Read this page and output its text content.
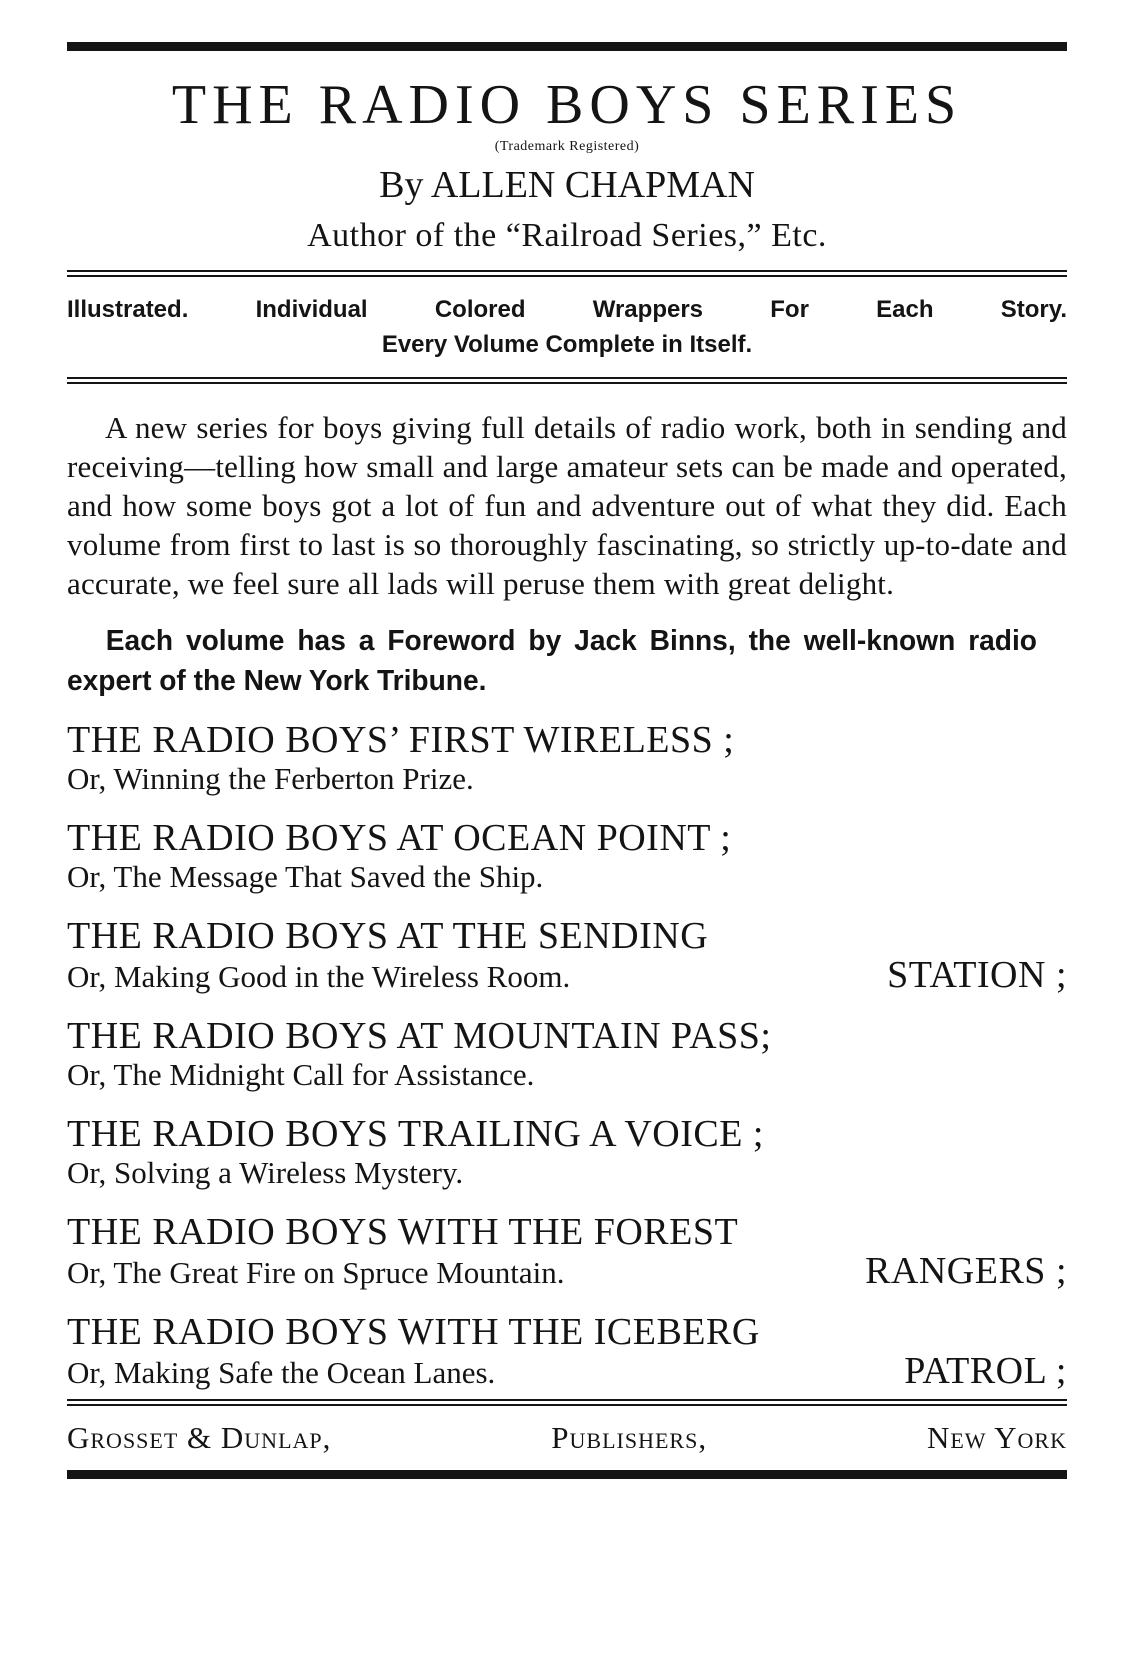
THE RADIO BOYS SERIES
(Trademark Registered)
By ALLEN CHAPMAN
Author of the “Railroad Series,” Etc.
Illustrated.	Individual	Colored	Wrappers	For	Each	Story.
Every Volume Complete in Itself.
A new series for boys giving full details of radio work, both in sending and receiving—telling how small and large amateur sets can be made and operated, and how some boys got a lot of fun and adventure out of what they did. Each volume from first to last is so thoroughly fascinating, so strictly up-to-date and accurate, we feel sure all lads will peruse them with great delight.
Each volume has a Foreword by Jack Binns, the well-known radio expert of the New York Tribune.
THE RADIO BOYS’ FIRST WIRELESS ;
Or, Winning the Ferberton Prize.
THE RADIO BOYS AT OCEAN POINT ;
Or, The Message That Saved the Ship.
THE RADIO BOYS AT THE SENDING
Or, Making Good in the Wireless Room.	STATION ;
THE RADIO BOYS AT MOUNTAIN PASS;
Or, The Midnight Call for Assistance.
THE RADIO BOYS TRAILING A VOICE ;
Or, Solving a Wireless Mystery.
THE RADIO BOYS WITH THE FOREST
Or, The Great Fire on Spruce Mountain.	RANGERS ;
THE RADIO BOYS WITH THE ICEBERG
Or, Making Safe the Ocean Lanes.	PATROL ;
Grosset & Dunlap,	Publishers,	New York
